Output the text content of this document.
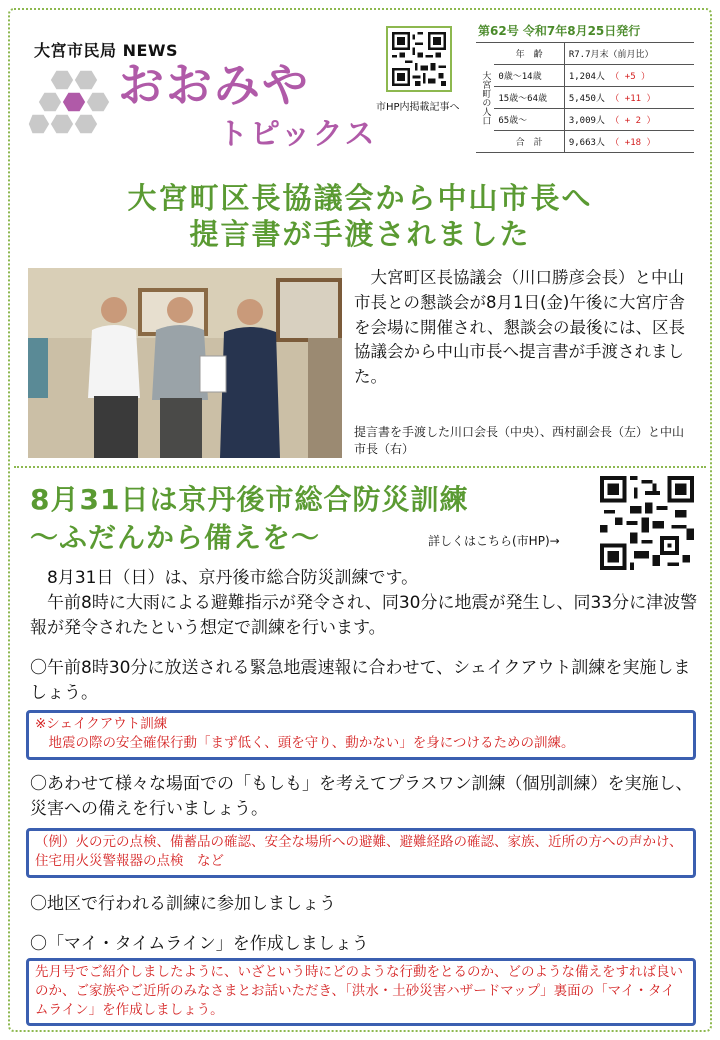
大宮市民局 NEWS
おおみや
トピックス
市HP内掲載記事へ
第62号 令和7年8月25日発行
大宮町の人口	年　齢	R7.7月末（前月比）
	0歳～14歳	1,204人 （ +5 ）
	15歳～64歳	5,450人 （ +11 ）
	65歳～	3,009人 （ + 2 ）
	合　計	9,663人 （ +18 ）
大宮町区長協議会から中山市長へ
提言書が手渡されました
大宮町区長協議会（川口勝彦会長）と中山市長との懇談会が8月1日(金)午後に大宮庁舎を会場に開催され、懇談会の最後には、区長協議会から中山市長へ提言書が手渡されました。
提言書を手渡した川口会長（中央）、西村副会長（左）と中山市長（右）
8月31日は京丹後市総合防災訓練
～ふだんから備えを～	詳しくはこちら(市HP)→
　8月31日（日）は、京丹後市総合防災訓練です。
　午前8時に大雨による避難指示が発令され、同30分に地震が発生し、同33分に津波警報が発令されたという想定で訓練を行います。
〇午前8時30分に放送される緊急地震速報に合わせて、シェイクアウト訓練を実施しましょう。
※シェイクアウト訓練
　地震の際の安全確保行動「まず低く、頭を守り、動かない」を身につけるための訓練。
〇あわせて様々な場面での「もしも」を考えてプラスワン訓練（個別訓練）を実施し、災害への備えを行いましょう。
（例）火の元の点検、備蓄品の確認、安全な場所への避難、避難経路の確認、家族、近所の方への声かけ、住宅用火災警報器の点検　など
〇地区で行われる訓練に参加しましょう
〇「マイ・タイムライン」を作成しましょう
先月号でご紹介しましたように、いざという時にどのような行動をとるのか、どのような備えをすれば良いのか、ご家族やご近所のみなさまとお話いただき、「洪水・土砂災害ハザードマップ」裏面の「マイ・タイムライン」を作成しましょう。
